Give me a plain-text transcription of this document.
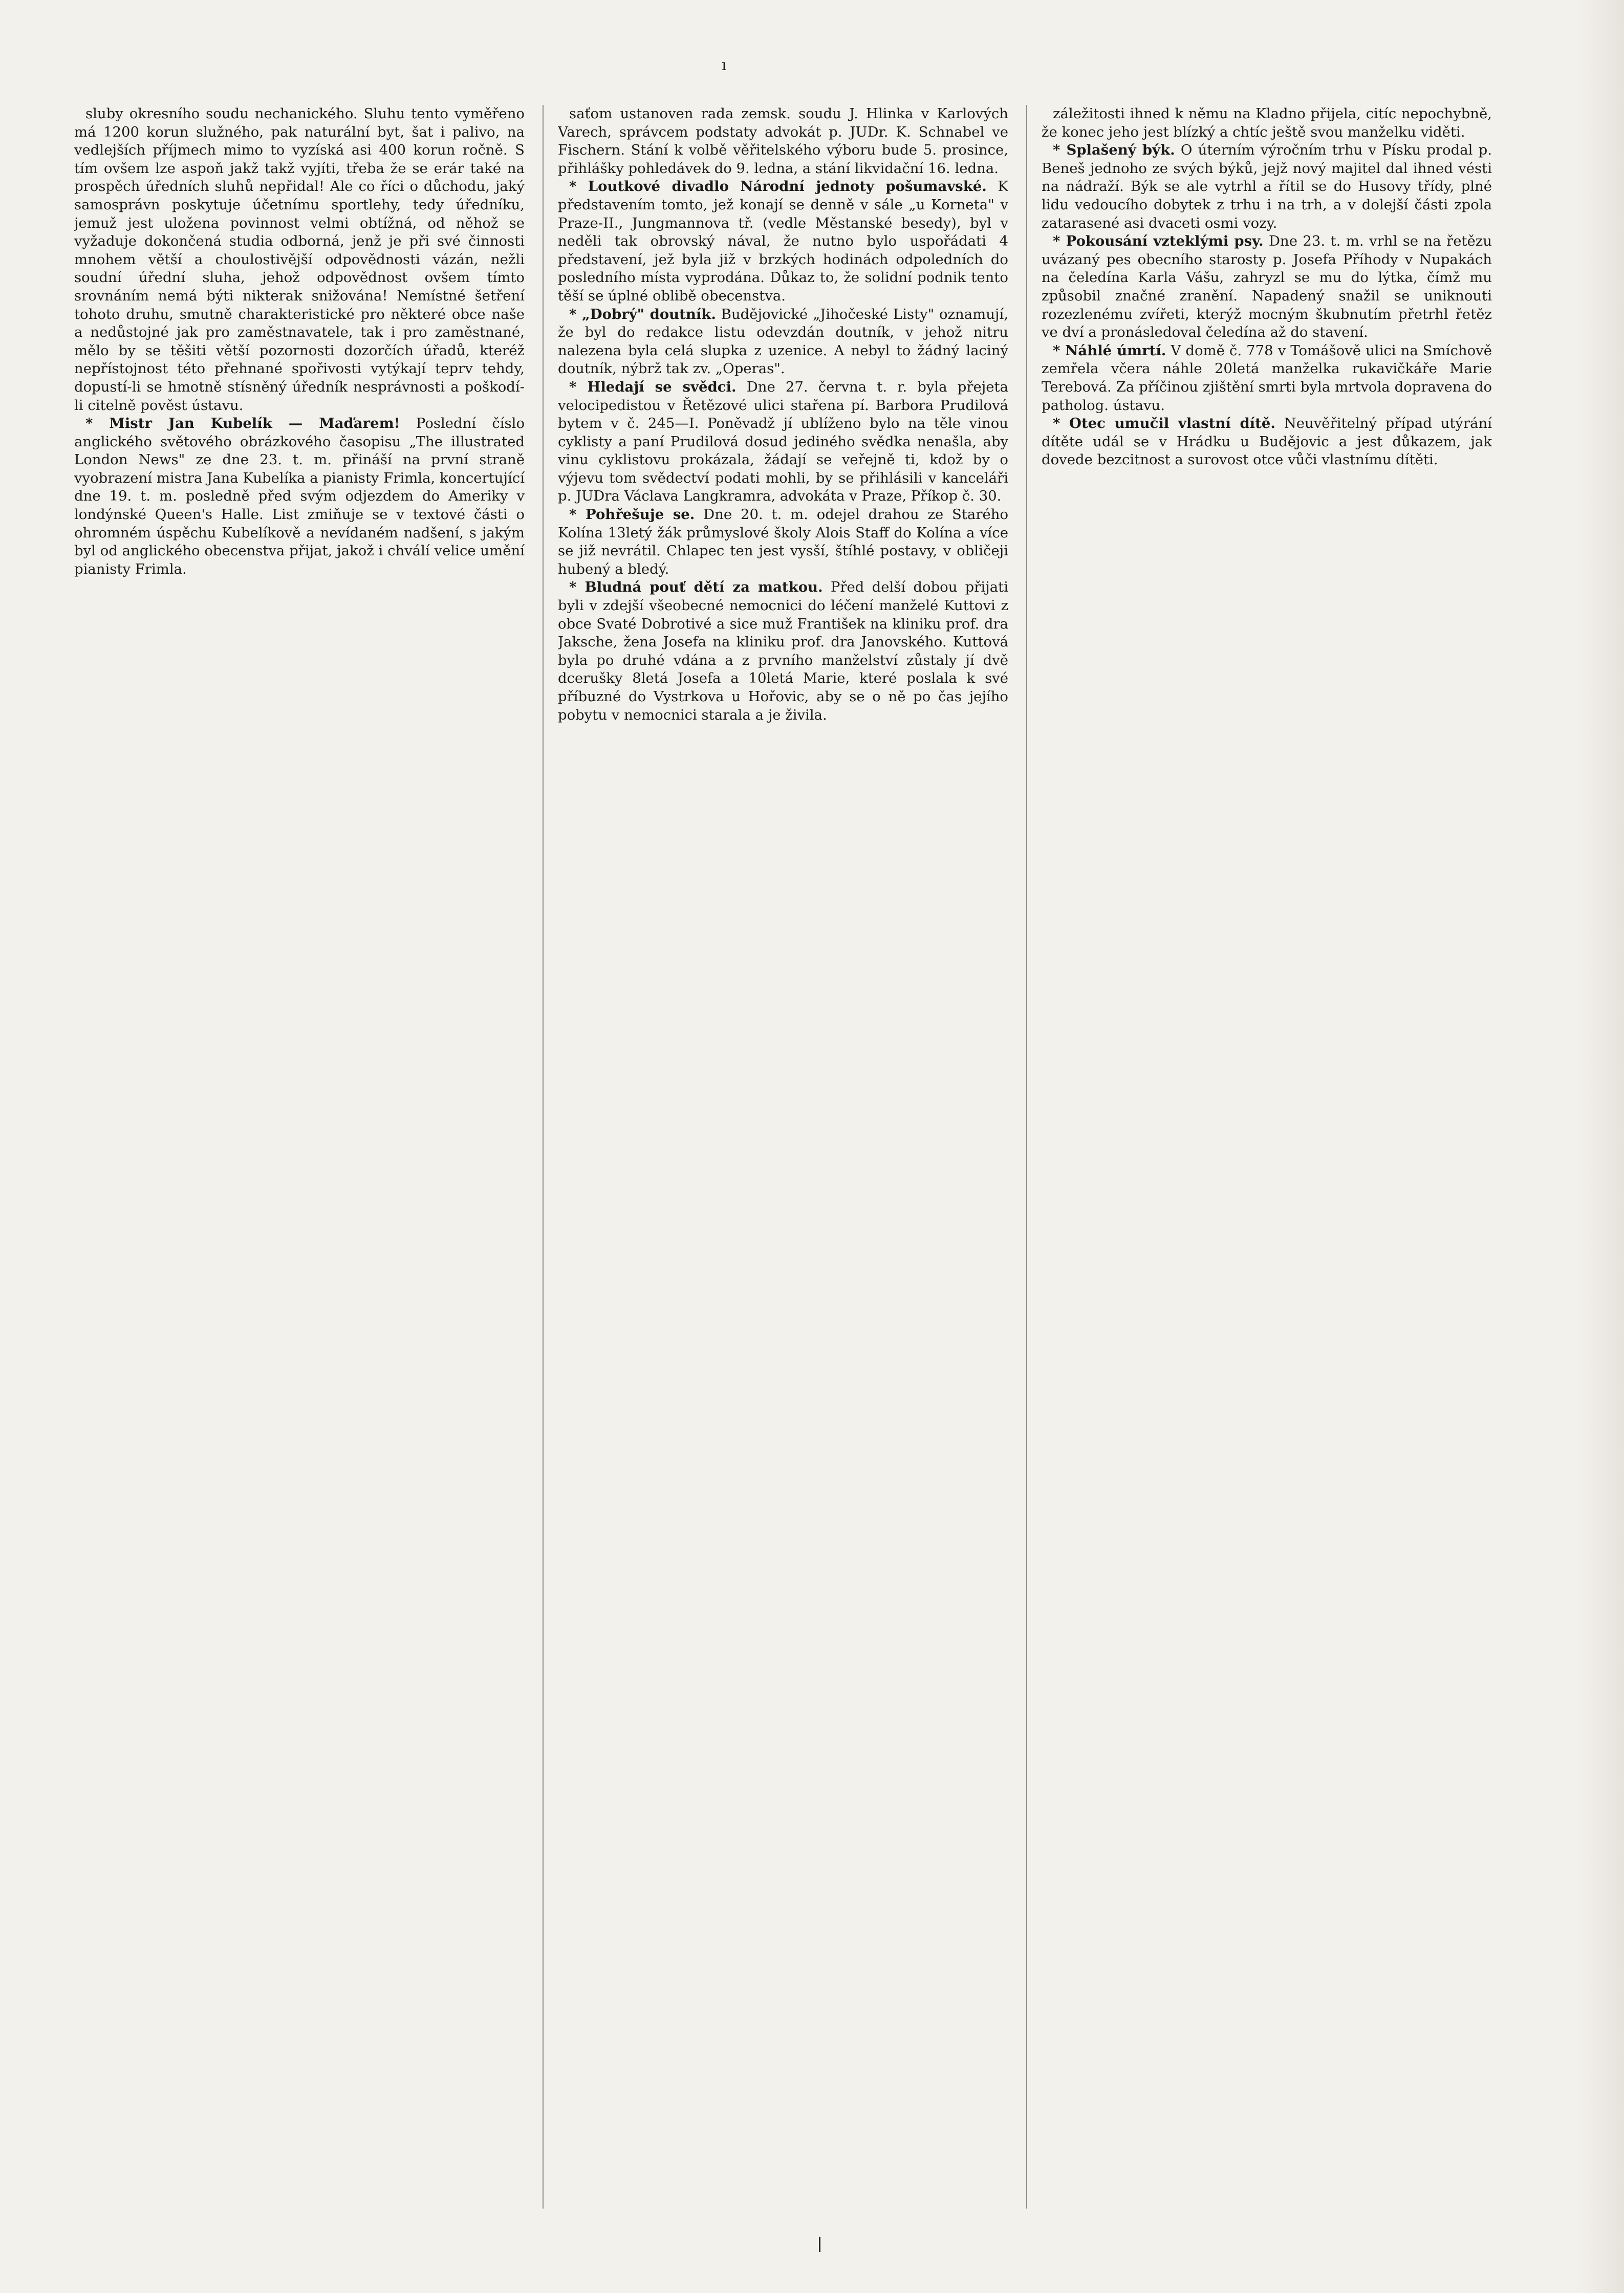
ı

sluby okresního soudu nechanického. Sluhu tento vyměřeno má 1200 korun služného, pak naturální byt, šat i palivo, na vedlejších příjmech mimo to vyzíská asi 400 korun ročně. S tím ovšem lze aspoň jakž takž vyjíti, třeba že se erár také na prospěch úředních sluhů nepřidal! Ale co říci o důchodu, jaký samosprávn poskytuje účetnímu sportlehy, tedy úředníku, jemuž jest uložena povinnost velmi obtížná, od něhož se vyžaduje dokončená studia odborná, jenž je při své činnosti mnohem větší a choulostivější odpovědnosti vázán, nežli soudní úřední sluha, jehož odpovědnost ovšem tímto srovnáním nemá býti nikterak snižována! Nemístné šetření tohoto druhu, smutně charakteristické pro některé obce naše a nedůstojné jak pro zaměstnavatele, tak i pro zaměstnané, mělo by se těšiti větší pozornosti dozorčích úřadů, kteréž nepřístojnost této přehnané spořivosti vytýkají teprv tehdy, dopustí-li se hmotně stísněný úředník nesprávnosti a poškodí-li citelně pověst ústavu.

* Mistr Jan Kubelík — Maďarem! Poslední číslo anglického světového obrázkového časopisu „The illustrated London News" ze dne 23. t. m. přináší na první straně vyobrazení mistra Jana Kubelíka a pianisty Frimla, koncertující dne 19. t. m. posledně před svým odjezdem do Ameriky v londýnské Queen's Halle. List zmiňuje se v textové části o ohromném úspěchu Kubelíkově a nevídaném nadšení, s jakým byl od anglického obecenstva přijat, jakož i chválí velice umění pianisty Frimla.

saťom ustanoven rada zemsk. soudu J. Hlinka v Karlových Varech, správcem podstaty advokát p. JUDr. K. Schnabel ve Fischern. Stání k volbě věřitelského výboru bude 5. prosince, přihlášky pohledávek do 9. ledna, a stání likvidační 16. ledna.

* Loutkové divadlo Národní jednoty pošumavské. K představením tomto, jež konají se denně v sále „u Korneta" v Praze-II., Jungmannova tř. (vedle Městanské besedy), byl v neděli tak obrovský nával, že nutno bylo uspořádati 4 představení, jež byla již v brzkých hodinách odpoledních do posledního místa vyprodána. Důkaz to, že solidní podnik tento těší se úplné oblibě obecenstva.

* „Dobrý" doutník. Budějovické „Jihočeské Listy" oznamují, že byl do redakce listu odevzdán doutník, v jehož nitru nalezena byla celá slupka z uzenice. A nebyl to žádný laciný doutník, nýbrž tak zv. „Operas".

* Hledají se svědci. Dne 27. června t. r. byla přejeta velocipedistou v Řetězové ulici stařena pí. Barbora Prudilová bytem v č. 245—I. Poněvadž jí ublíženo bylo na těle vinou cyklisty a paní Prudilová dosud jediného svědka nenašla, aby vinu cyklistovu prokázala, žádají se veřejně ti, kdož by o výjevu tom svědectví podati mohli, by se přihlásili v kanceláři p. JUDra Václava Langkramra, advokáta v Praze, Příkop č. 30.

* Pohřešuje se. Dne 20. t. m. odejel drahou ze Starého Kolína 13letý žák průmyslové školy Alois Staff do Kolína a více se již nevrátil. Chlapec ten jest vysší, štíhlé postavy, v obličeji hubený a bledý.

* Bludná pouť dětí za matkou. Před delší dobou přijati byli v zdejší všeobecné nemocnici do léčení manželé Kuttovi z obce Svaté Dobrotivé a sice muž František na kliniku prof. dra Jaksche, žena Josefa na kliniku prof. dra Janovského. Kuttová byla po druhé vdána a z prvního manželství zůstaly jí dvě dcerušky 8letá Josefa a 10letá Marie, které poslala k své příbuzné do Vystrkova u Hořovic, aby se o ně po čas jejího pobytu v nemocnici starala a je živila.

záležitosti ihned k němu na Kladno přijela, citíc nepochybně, že konec jeho jest blízký a chtíc ještě svou manželku viděti.

* Splašený býk. O úterním výročním trhu v Písku prodal p. Beneš jednoho ze svých býků, jejž nový majitel dal ihned vésti na nádraží. Býk se ale vytrhl a řítil se do Husovy třídy, plné lidu vedoucího dobytek z trhu i na trh, a v dolejší části zpola zatarasené asi dvaceti osmi vozy.

* Pokousání vzteklými psy. Dne 23. t. m. vrhl se na řetězu uvázaný pes obecního starosty p. Josefa Příhody v Nupakách na čeledína Karla Vášu, zahryzl se mu do lýtka, čímž mu způsobil značné zranění. Napadený snažil se uniknouti rozezlenému zvířeti, kterýž mocným škubnutím přetrhl řetěz ve dví a pronásledoval čeledína až do stavení.

* Náhlé úmrtí. V domě č. 778 v Tomášově ulici na Smíchově zemřela včera náhle 20letá manželka rukavičkáře Marie Terebová. Za příčinou zjištění smrti byla mrtvola dopravena do patholog. ústavu.

* Otec umučil vlastní dítě. Neuvěřitelný případ utýrání dítěte udál se v Hrádku u Budějovic a jest důkazem, jak dovede bezcitnost a surovost otce vůči vlastnímu dítěti.
